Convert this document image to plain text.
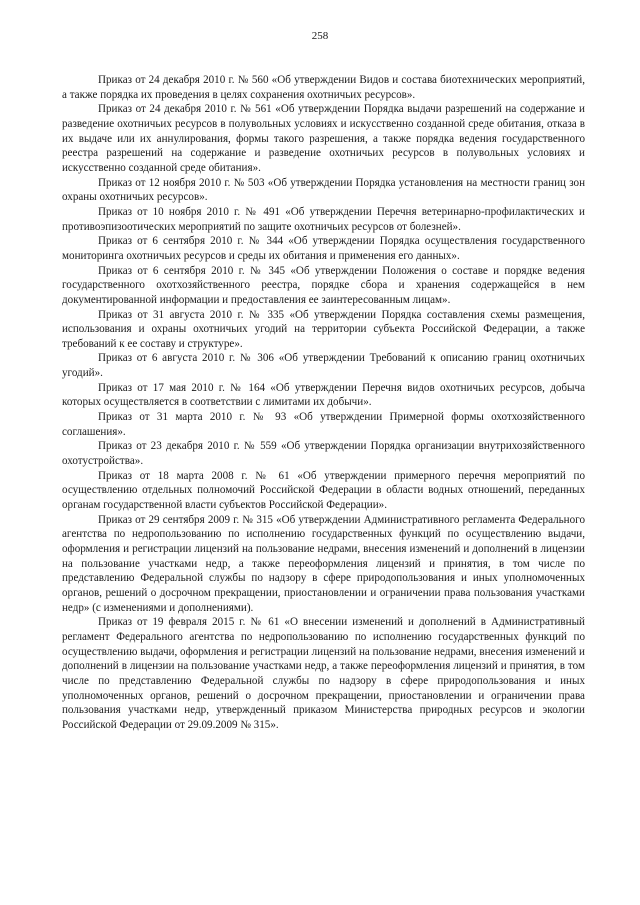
258

Приказ от 24 декабря 2010 г. № 560 «Об утверждении Видов и состава биотехнических мероприятий, а также порядка их проведения в целях сохранения охотничьих ресурсов».

Приказ от 24 декабря 2010 г. № 561 «Об утверждении Порядка выдачи разрешений на содержание и разведение охотничьих ресурсов в полувольных условиях и искусственно созданной среде обитания, отказа в их выдаче или их аннулирования, формы такого разрешения, а также порядка ведения государственного реестра разрешений на содержание и разведение охотничьих ресурсов в полувольных условиях и искусственно созданной среде обитания».

Приказ от 12 ноября 2010 г. № 503 «Об утверждении Порядка установления на местности границ зон охраны охотничьих ресурсов».

Приказ от 10 ноября 2010 г. № 491 «Об утверждении Перечня ветеринарно-профилактических и противоэпизоотических мероприятий по защите охотничьих ресурсов от болезней».

Приказ от 6 сентября 2010 г. № 344 «Об утверждении Порядка осуществления государственного мониторинга охотничьих ресурсов и среды их обитания и применения его данных».

Приказ от 6 сентября 2010 г. № 345 «Об утверждении Положения о составе и порядке ведения государственного охотхозяйственного реестра, порядке сбора и хранения содержащейся в нем документированной информации и предоставления ее заинтересованным лицам».

Приказ от 31 августа 2010 г. № 335 «Об утверждении Порядка составления схемы размещения, использования и охраны охотничьих угодий на территории субъекта Российской Федерации, а также требований к ее составу и структуре».

Приказ от 6 августа 2010 г. № 306 «Об утверждении Требований к описанию границ охотничьих угодий».

Приказ от 17 мая 2010 г. № 164 «Об утверждении Перечня видов охотничьих ресурсов, добыча которых осуществляется в соответствии с лимитами их добычи».

Приказ от 31 марта 2010 г. № 93 «Об утверждении Примерной формы охотхозяйственного соглашения».

Приказ от 23 декабря 2010 г. № 559 «Об утверждении Порядка организации внутрихозяйственного охотустройства».

Приказ от 18 марта 2008 г. № 61 «Об утверждении примерного перечня мероприятий по осуществлению отдельных полномочий Российской Федерации в области водных отношений, переданных органам государственной власти субъектов Российской Федерации».

Приказ от 29 сентября 2009 г. № 315 «Об утверждении Административного регламента Федерального агентства по недропользованию по исполнению государственных функций по осуществлению выдачи, оформления и регистрации лицензий на пользование недрами, внесения изменений и дополнений в лицензии на пользование участками недр, а также переоформления лицензий и принятия, в том числе по представлению Федеральной службы по надзору в сфере природопользования и иных уполномоченных органов, решений о досрочном прекращении, приостановлении и ограничении права пользования участками недр» (с изменениями и дополнениями).

Приказ от 19 февраля 2015 г. № 61 «О внесении изменений и дополнений в Административный регламент Федерального агентства по недропользованию по исполнению государственных функций по осуществлению выдачи, оформления и регистрации лицензий на пользование недрами, внесения изменений и дополнений в лицензии на пользование участками недр, а также переоформления лицензий и принятия, в том числе по представлению Федеральной службы по надзору в сфере природопользования и иных уполномоченных органов, решений о досрочном прекращении, приостановлении и ограничении права пользования участками недр, утвержденный приказом Министерства природных ресурсов и экологии Российской Федерации от 29.09.2009 № 315».
